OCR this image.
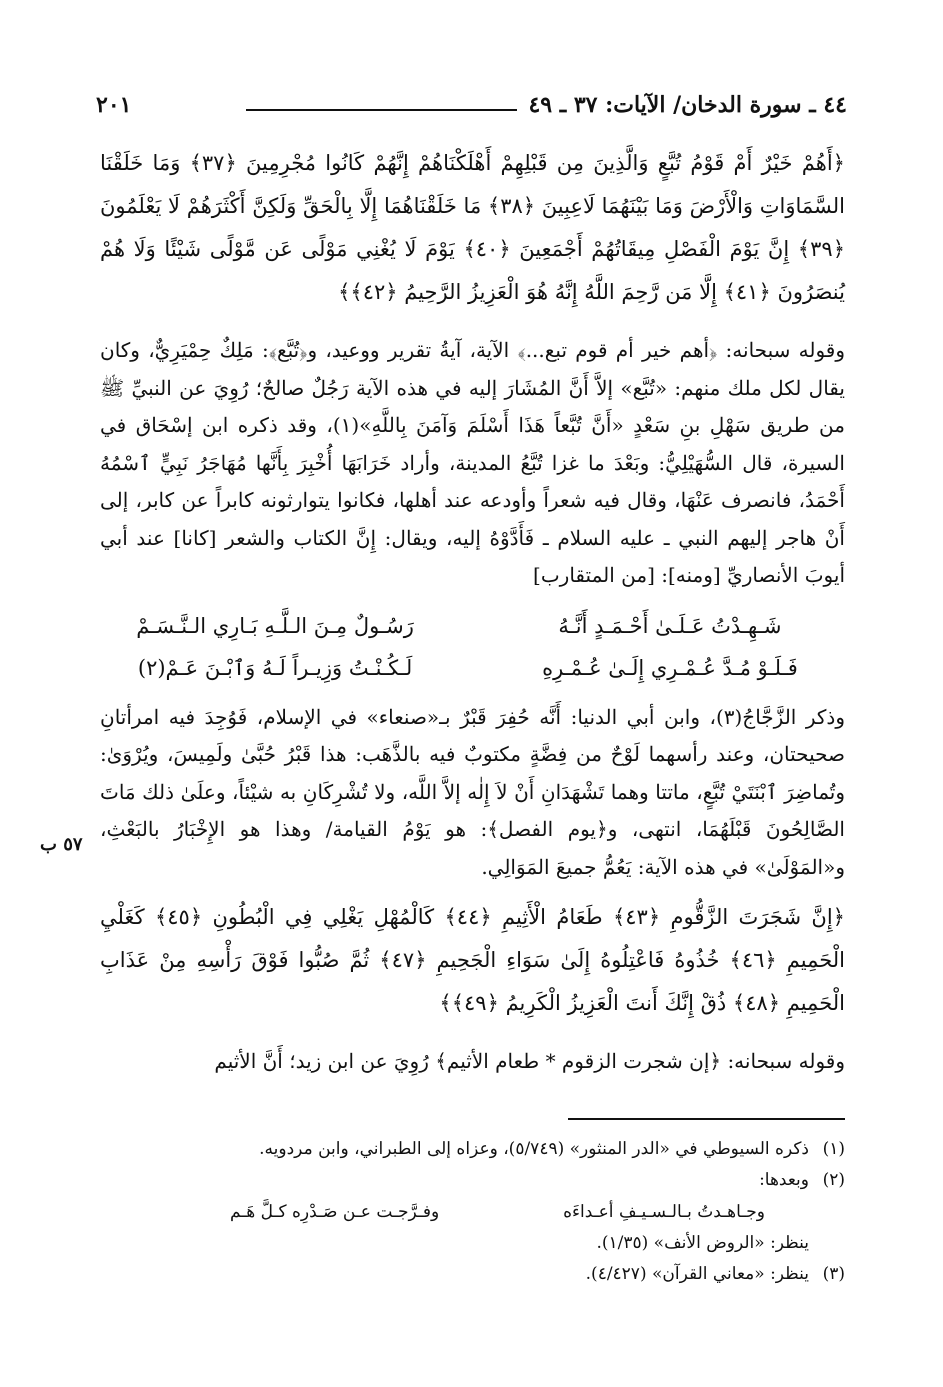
٤٤ ـ سورة الدخان/ الآيات: ٣٧ ـ ٤٩
٢٠١

﴿أَهُمْ خَيْرٌ أَمْ قَوْمُ تُبَّعٍ وَالَّذِينَ مِن قَبْلِهِمْ أَهْلَكْنَاهُمْ إِنَّهُمْ كَانُوا مُجْرِمِينَ ﴿٣٧﴾ وَمَا خَلَقْنَا السَّمَاوَاتِ وَالْأَرْضَ وَمَا بَيْنَهُمَا لَاعِبِينَ ﴿٣٨﴾ مَا خَلَقْنَاهُمَا إِلَّا بِالْحَقِّ وَلَكِنَّ أَكْثَرَهُمْ لَا يَعْلَمُونَ ﴿٣٩﴾ إِنَّ يَوْمَ الْفَصْلِ مِيقَاتُهُمْ أَجْمَعِينَ ﴿٤٠﴾ يَوْمَ لَا يُغْنِي مَوْلًى عَن مَّوْلًى شَيْئًا وَلَا هُمْ يُنصَرُونَ ﴿٤١﴾ إِلَّا مَن رَّحِمَ اللَّهُ إِنَّهُ هُوَ الْعَزِيزُ الرَّحِيمُ ﴿٤٢﴾﴾

وقوله سبحانه: ﴿أهم خير أم قوم تبع...﴾ الآية، آيةُ تقرير ووعيد، و﴿تُبَّع﴾: مَلِكٌ حِمْيَرِيٌّ، وكان يقال لكل ملك منهم: «تُبَّع» إلاَّ أَنَّ المُشَارَ إليه في هذه الآية رَجُلٌ صالحٌ؛ رُوِيَ عن النبيِّ ﷺ من طريق سَهْلِ بنِ سَعْدٍ «أَنَّ تُبَّعاً هَذَا أَسْلَمَ وَآمَنَ بِاللَّهِ»(١)، وقد ذكره ابن إسْحَاق في السيرة، قال السُّهَيْلِيُّ: وبَعْدَ ما غزا تُبَّعُ المدينة، وأراد خَرَابَهَا أُخْبِرَ بِأَنَّها مُهَاجَرُ نَبِيٍّ ٱسْمُهُ أَحْمَدُ، فانصرف عَنْهَا، وقال فيه شعراً وأودعه عند أهلها، فكانوا يتوارثونه كابراً عن كابر، إلى أَنْ هاجر إليهم النبي ـ عليه السلام ـ فَأَدَّوْهُ إليه، ويقال: إِنَّ الكتاب والشعر [كانا] عند أبي أيوبَ الأنصاريِّ [ومنه]: [من المتقارب]

شَـهِـدْتُ عَـلَـىٰ أَحْـمَـدٍ أَنَّـهُ
رَسُـولٌ مِـنَ الـلَّـهِ بَـارِي الـنَّـسَـمْ
فَـلَـوْ مُـدَّ عُـمْـرِي إِلَـىٰ عُـمْـرِهِ
لَـكُـنْـتُ وَزِيـراً لَـهُ وَٱبْـنَ عَـمْ(٢)

وذكر الزَّجَّاجُ(٣)، وابن أبي الدنيا: أَنَّه حُفِرَ قَبْرٌ بـ«صنعاء» في الإسلام، فَوُجِدَ فيه امرأتانِ صحيحتان، وعند رأسهما لَوْحٌ من فِضَّةٍ مكتوبٌ فيه بالذَّهَب: هذا قَبْرُ حُبَّىٰ ولَمِيسَ، ويُرْوَىٰ: وتُماضِرَ ٱبْنَتَيْ تُبَّعٍ، ماتتا وهما تَشْهَدَانِ أَنْ لاَ إِلٰه إلاَّ اللَّه، ولا تُشْرِكَانِ به شيْئاً، وعلَىٰ ذلك مَاتَ الصَّالِحُونَ قَبْلَهُمَا، انتهى، و﴿يوم الفصل﴾: هو يَوْمُ القيامة/ وهذا هو الإِخْبَارُ بالبَعْثِ، و«المَوْلَىٰ» في هذه الآية: يَعُمُّ جميعَ المَوَالِي.

﴿إِنَّ شَجَرَتَ الزَّقُّومِ ﴿٤٣﴾ طَعَامُ الْأَثِيمِ ﴿٤٤﴾ كَالْمُهْلِ يَغْلِي فِي الْبُطُونِ ﴿٤٥﴾ كَغَلْيِ الْحَمِيمِ ﴿٤٦﴾ خُذُوهُ فَاعْتِلُوهُ إِلَىٰ سَوَاءِ الْجَحِيمِ ﴿٤٧﴾ ثُمَّ صُبُّوا فَوْقَ رَأْسِهِ مِنْ عَذَابِ الْحَمِيمِ ﴿٤٨﴾ ذُقْ إِنَّكَ أَنتَ الْعَزِيزُ الْكَرِيمُ ﴿٤٩﴾﴾

وقوله سبحانه: ﴿إن شجرت الزقوم * طعام الأثيم﴾ رُوِيَ عن ابن زيد؛ أَنَّ الأثيم

٥٧ ب
(١)
ذكره السيوطي في «الدر المنثور» (٥/٧٤٩)، وعزاه إلى الطبراني، وابن مردويه.
(٢)
وبعدها:
وجـاهـدتُ بـالـسـيـفِ أعـداءَه
وفـرَّجـت عـن صَـدْرِه كـلَّ هَـم
ينظر: «الروض الأنف» (١/٣٥).
(٣)
ينظر: «معاني القرآن» (٤/٤٢٧).
